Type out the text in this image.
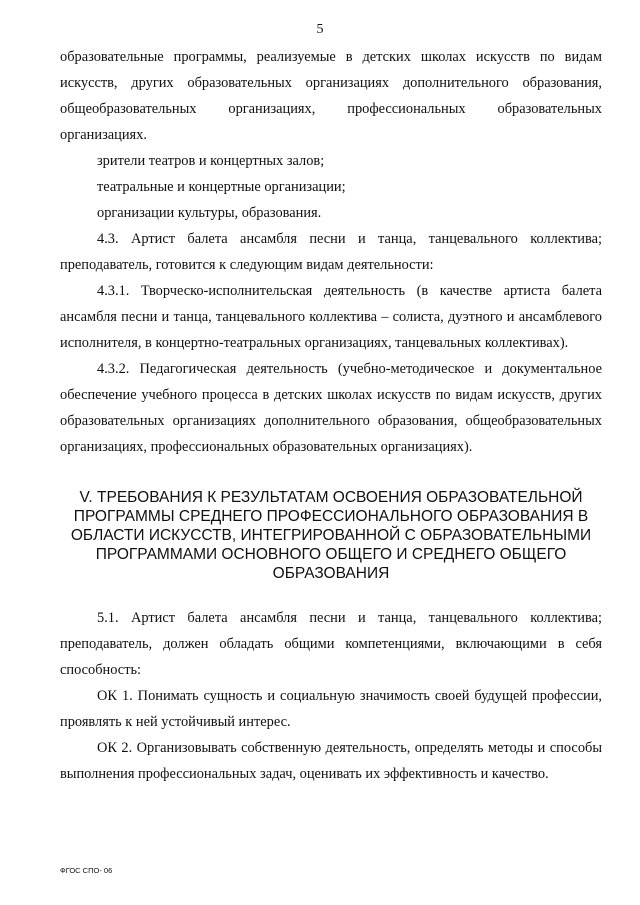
5

образовательные программы, реализуемые в детских школах искусств по видам искусств, других образовательных организациях дополнительного образования, общеобразовательных организациях, профессиональных образовательных организациях.

зрители театров и концертных залов;

театральные и концертные организации;

организации культуры, образования.

4.3. Артист балета ансамбля песни и танца, танцевального коллектива; преподаватель, готовится к следующим видам деятельности:

4.3.1. Творческо-исполнительская деятельность (в качестве артиста балета ансамбля песни и танца, танцевального коллектива – солиста, дуэтного и ансамблевого исполнителя, в концертно-театральных организациях, танцевальных коллективах).

4.3.2. Педагогическая деятельность (учебно-методическое и документальное обеспечение учебного процесса в детских школах искусств по видам искусств, других образовательных организациях дополнительного образования, общеобразовательных организациях, профессиональных образовательных организациях).

V. ТРЕБОВАНИЯ К РЕЗУЛЬТАТАМ ОСВОЕНИЯ ОБРАЗОВАТЕЛЬНОЙ ПРОГРАММЫ СРЕДНЕГО ПРОФЕССИОНАЛЬНОГО ОБРАЗОВАНИЯ В ОБЛАСТИ ИСКУССТВ, ИНТЕГРИРОВАННОЙ С ОБРАЗОВАТЕЛЬНЫМИ ПРОГРАММАМИ ОСНОВНОГО ОБЩЕГО И СРЕДНЕГО ОБЩЕГО ОБРАЗОВАНИЯ

5.1. Артист балета ансамбля песни и танца, танцевального коллектива; преподаватель, должен обладать общими компетенциями, включающими в себя способность:

ОК 1. Понимать сущность и социальную значимость своей будущей профессии, проявлять к ней устойчивый интерес.

ОК 2. Организовывать собственную деятельность, определять методы и способы выполнения профессиональных задач, оценивать их эффективность и качество.

ФГОС СПО- 06
